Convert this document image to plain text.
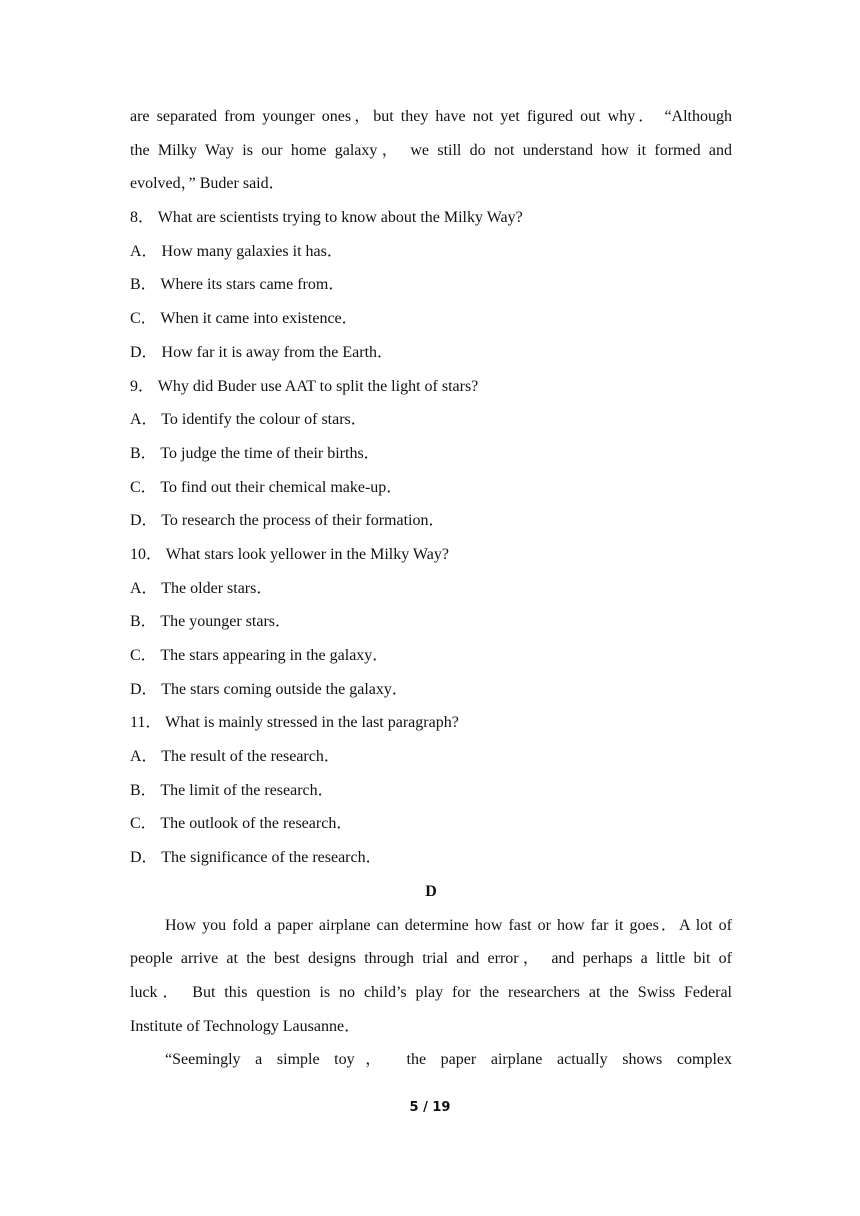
are separated from younger ones，but they have not yet figured out why． “Although
the Milky Way is our home galaxy， we still do not understand how it formed and
evolved，” Buder said．
8． What are scientists trying to know about the Milky Way?
A． How many galaxies it has．
B． Where its stars came from．
C． When it came into existence．
D． How far it is away from the Earth．
9． Why did Buder use AAT to split the light of stars?
A． To identify the colour of stars．
B． To judge the time of their births．
C． To find out their chemical make-up．
D． To research the process of their formation．
10． What stars look yellower in the Milky Way?
A． The older stars．
B． The younger stars．
C． The stars appearing in the galaxy．
D． The stars coming outside the galaxy．
11． What is mainly stressed in the last paragraph?
A． The result of the research．
B． The limit of the research．
C． The outlook of the research．
D． The significance of the research．
D
How you fold a paper airplane can determine how fast or how far it goes．A lot of
people arrive at the best designs through trial and error， and perhaps a little bit of
luck． But this question is no child’s play for the researchers at the Swiss Federal
Institute of Technology Lausanne．
“Seemingly a simple toy， the paper airplane actually shows complex
5 / 19
